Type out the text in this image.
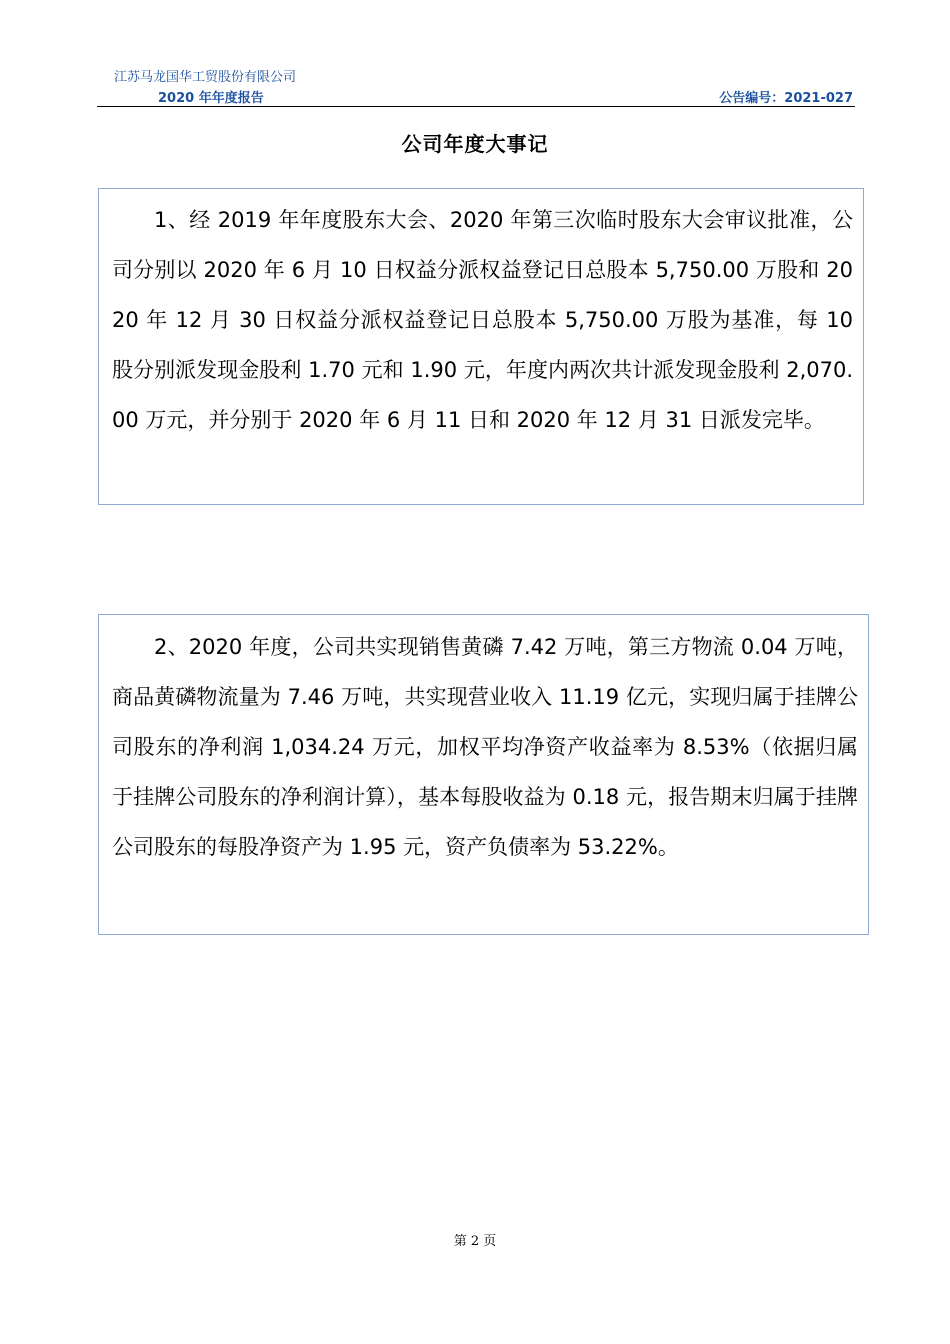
江苏马龙国华工贸股份有限公司
2020 年年度报告	公告编号：2021-027
公司年度大事记

1、经 2019 年年度股东大会、2020 年第三次临时股东大会审议批准，公司分别以 2020 年 6 月 10 日权益分派权益登记日总股本 5,750.00 万股和 2020 年 12 月 30 日权益分派权益登记日总股本 5,750.00 万股为基准，每 10 股分别派发现金股利 1.70 元和 1.90 元，年度内两次共计派发现金股利 2,070.00 万元，并分别于 2020 年 6 月 11 日和 2020 年 12 月 31 日派发完毕。

2、2020 年度，公司共实现销售黄磷 7.42 万吨，第三方物流 0.04 万吨，商品黄磷物流量为 7.46 万吨，共实现营业收入 11.19 亿元，实现归属于挂牌公司股东的净利润 1,034.24 万元，加权平均净资产收益率为 8.53%（依据归属于挂牌公司股东的净利润计算），基本每股收益为 0.18 元，报告期末归属于挂牌公司股东的每股净资产为 1.95 元，资产负债率为 53.22%。

第 2 页
